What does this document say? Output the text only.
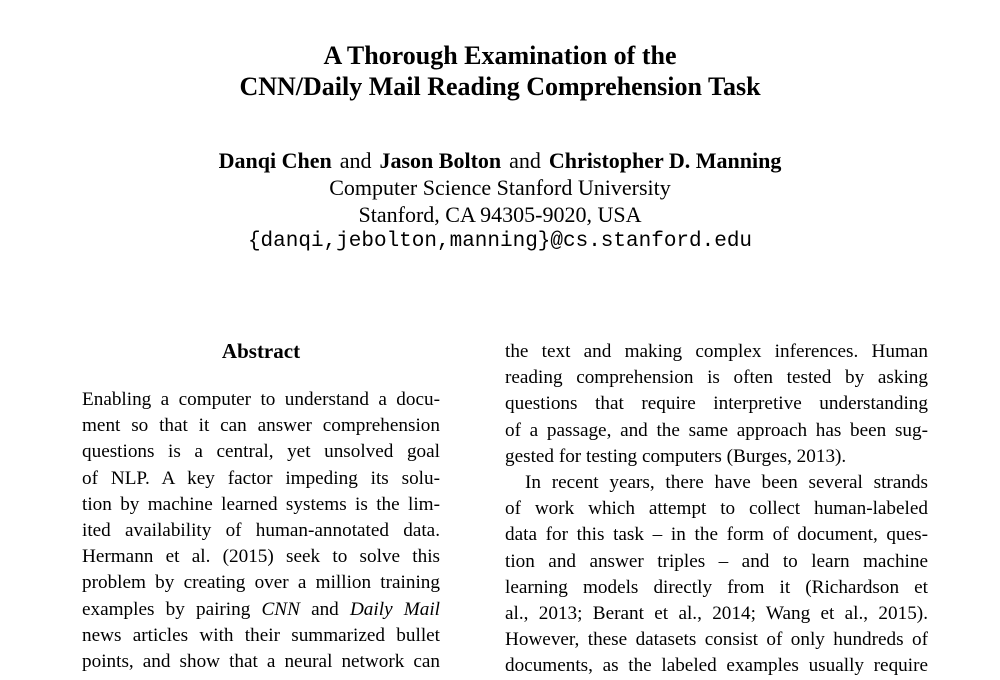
A Thorough Examination of the
CNN/Daily Mail Reading Comprehension Task
Danqi Chen and Jason Bolton and Christopher D. Manning
Computer Science Stanford University
Stanford, CA 94305-9020, USA
{danqi,jebolton,manning}@cs.stanford.edu
Abstract
Enabling a computer to understand a docu-
ment so that it can answer comprehension
questions is a central, yet unsolved goal
of NLP. A key factor impeding its solu-
tion by machine learned systems is the lim-
ited availability of human-annotated data.
Hermann et al. (2015) seek to solve this
problem by creating over a million training
examples by pairing CNN and Daily Mail
news articles with their summarized bullet
points, and show that a neural network can
the text and making complex inferences. Human
reading comprehension is often tested by asking
questions that require interpretive understanding
of a passage, and the same approach has been sug-
gested for testing computers (Burges, 2013).
In recent years, there have been several strands
of work which attempt to collect human-labeled
data for this task – in the form of document, ques-
tion and answer triples – and to learn machine
learning models directly from it (Richardson et
al., 2013; Berant et al., 2014; Wang et al., 2015).
However, these datasets consist of only hundreds of
documents, as the labeled examples usually require
